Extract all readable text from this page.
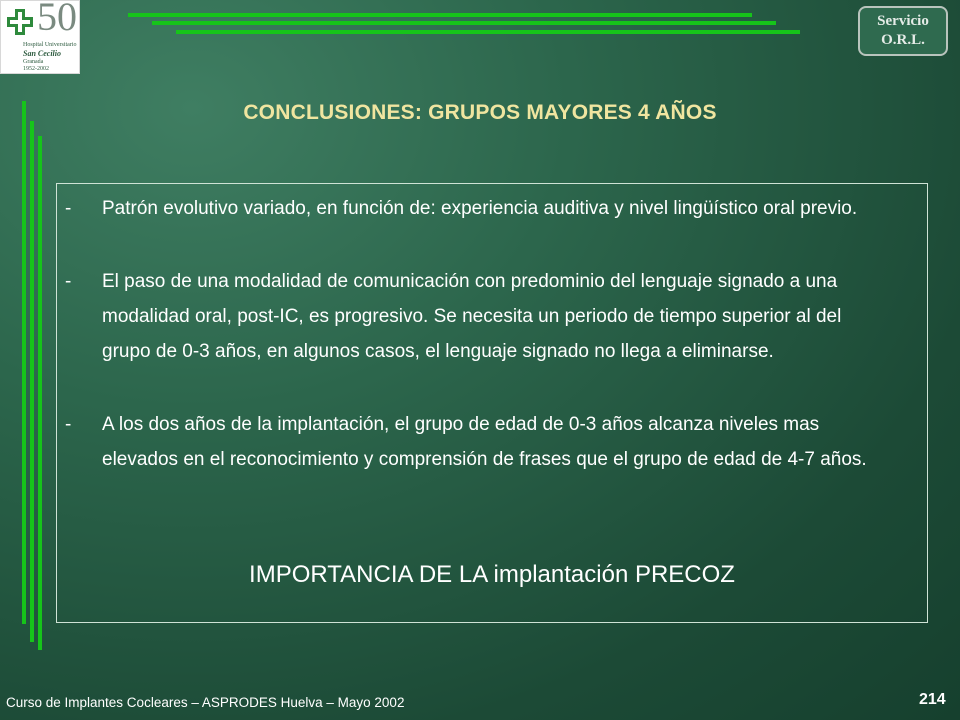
50
Hospital Universitario
San Cecilio
Granada
1952-2002
Servicio
O.R.L.
CONCLUSIONES: GRUPOS MAYORES 4 AÑOS
-	Patrón evolutivo variado, en función de: experiencia auditiva y nivel lingüístico oral previo.
-	El paso de una modalidad de comunicación con predominio del lenguaje signado a una modalidad oral, post-IC, es progresivo. Se necesita un periodo de tiempo superior al del grupo de 0-3 años, en algunos casos, el lenguaje signado no llega a eliminarse.
-	A los dos años de la implantación, el grupo de edad de 0-3 años alcanza niveles mas elevados en el reconocimiento y comprensión de frases que el grupo de edad de 4-7 años.
IMPORTANCIA DE LA implantación PRECOZ
Curso de Implantes Cocleares – ASPRODES Huelva – Mayo 2002	214
